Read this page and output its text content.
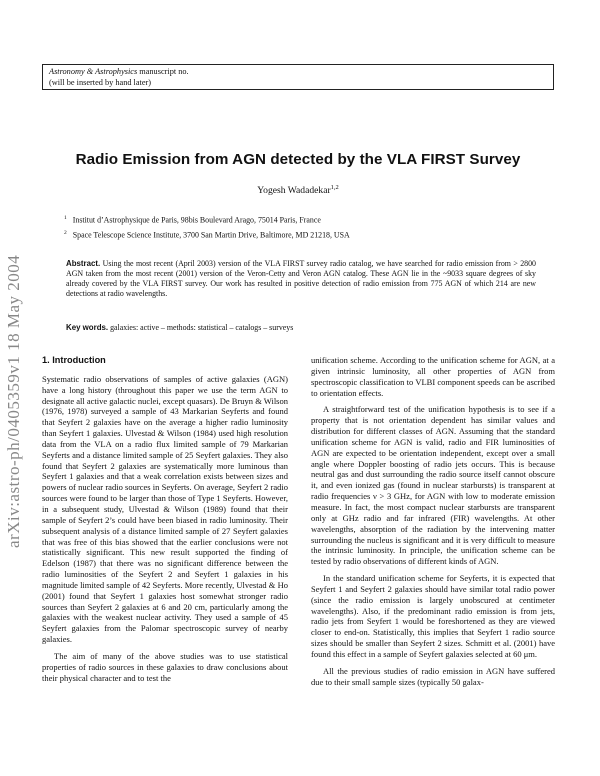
Astronomy & Astrophysics manuscript no.
(will be inserted by hand later)
arXiv:astro-ph/0405359v1 18 May 2004
Radio Emission from AGN detected by the VLA FIRST Survey
Yogesh Wadadekar$^{1,2}$
$^1$ Institut d’Astrophysique de Paris, 98bis Boulevard Arago, 75014 Paris, France
$^2$ Space Telescope Science Institute, 3700 San Martin Drive, Baltimore, MD 21218, USA
Abstract. Using the most recent (April 2003) version of the VLA FIRST survey radio catalog, we have searched for radio emission from > 2800 AGN taken from the most recent (2001) version of the Veron-Cetty and Veron AGN catalog. These AGN lie in the ~9033 square degrees of sky already covered by the VLA FIRST survey. Our work has resulted in positive detection of radio emission from 775 AGN of which 214 are new detections at radio wavelengths.
Key words. galaxies: active – methods: statistical – catalogs – surveys
1. Introduction

Systematic radio observations of samples of active galaxies (AGN) have a long history (throughout this paper we use the term AGN to designate all active galactic nuclei, except quasars). De Bruyn & Wilson (1976, 1978) surveyed a sample of 43 Markarian Seyferts and found that Seyfert 2 galaxies have on the average a higher radio luminosity than Seyfert 1 galaxies. Ulvestad & Wilson (1984) used high resolution data from the VLA on a radio flux limited sample of 79 Markarian Seyferts and a distance limited sample of 25 Seyfert galaxies. They also found that Seyfert 2 galaxies are systematically more luminous than Seyfert 1 galaxies and that a weak correlation exists between sizes and powers of nuclear radio sources in Seyferts. On average, Seyfert 2 radio sources were found to be larger than those of Type 1 Seyferts. However, in a subsequent study, Ulvestad & Wilson (1989) found that their sample of Seyfert 2’s could have been biased in radio luminosity. Their subsequent analysis of a distance limited sample of 27 Seyfert galaxies that was free of this bias showed that the earlier conclusions were not statistically significant. This new result supported the finding of Edelson (1987) that there was no significant difference between the radio luminosities of the Seyfert 2 and Seyfert 1 galaxies in his magnitude limited sample of 42 Seyferts. More recently, Ulvestad & Ho (2001) found that Seyfert 1 galaxies host somewhat stronger radio sources than Seyfert 2 galaxies at 6 and 20 cm, particularly among the galaxies with the weakest nuclear activity. They used a sample of 45 Seyfert galaxies from the Palomar spectroscopic survey of nearby galaxies.

The aim of many of the above studies was to use statistical properties of radio sources in these galaxies to draw conclusions about their physical character and to test the

unification scheme. According to the unification scheme for AGN, at a given intrinsic luminosity, all other properties of AGN from spectroscopic classification to VLBI component speeds can be ascribed to orientation effects.

A straightforward test of the unification hypothesis is to see if a property that is not orientation dependent has similar values and distribution for different classes of AGN. Assuming that the standard unification scheme for AGN is valid, radio and FIR luminosities of AGN are expected to be orientation independent, except over a small angle where Doppler boosting of radio jets occurs. This is because neutral gas and dust surrounding the radio source itself cannot obscure it, and even ionized gas (found in nuclear starbursts) is transparent at radio frequencies ν > 3 GHz, for AGN with low to moderate emission measure. In fact, the most compact nuclear starbursts are transparent only at GHz radio and far infrared (FIR) wavelengths. At other wavelengths, absorption of the radiation by the intervening matter surrounding the nucleus is significant and it is very difficult to measure the intrinsic luminosity. In principle, the unification scheme can be tested by radio observations of different kinds of AGN.

In the standard unification scheme for Seyferts, it is expected that Seyfert 1 and Seyfert 2 galaxies should have similar total radio power (since the radio emission is largely unobscured at centimeter wavelengths). Also, if the predominant radio emission is from jets, radio jets from Seyfert 1 would be foreshortened as they are viewed closer to end-on. Statistically, this implies that Seyfert 1 radio source sizes should be smaller than Seyfert 2 sizes. Schmitt et al. (2001) have found this effect in a sample of Seyfert galaxies selected at 60 μm.

All the previous studies of radio emission in AGN have suffered due to their small sample sizes (typically 50 galax-
